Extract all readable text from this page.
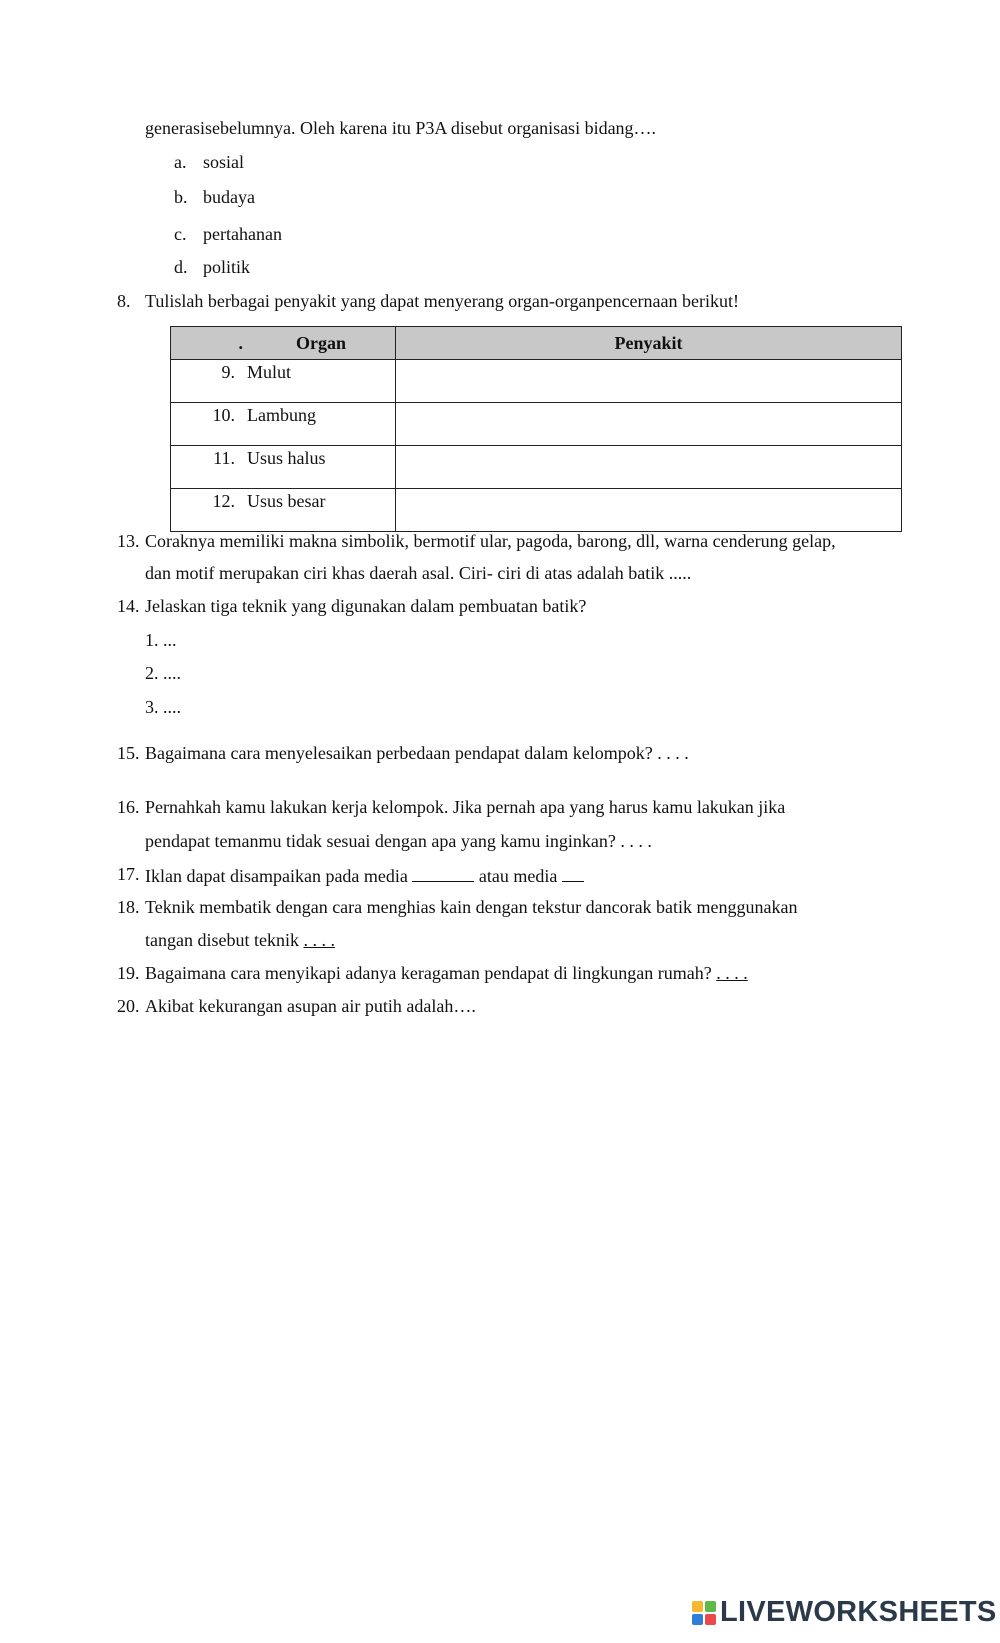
generasisebelumnya. Oleh karena itu P3A disebut organisasi bidang….
a. sosial
b. budaya
c. pertahanan
d. politik
8. Tulislah berbagai penyakit yang dapat menyerang organ-organpencernaan berikut!
.	Organ	Penyakit
9.	Mulut	
10.	Lambung	
11.	Usus halus	
12.	Usus besar	
13. Coraknya memiliki makna simbolik, bermotif ular, pagoda, barong, dll, warna cenderung gelap,
dan motif merupakan ciri khas daerah asal. Ciri- ciri di atas adalah batik .....
14. Jelaskan tiga teknik yang digunakan dalam pembuatan batik?
1. ...
2. ....
3. ....
15. Bagaimana cara menyelesaikan perbedaan pendapat dalam kelompok? . . . .
16. Pernahkah kamu lakukan kerja kelompok. Jika pernah apa yang harus kamu lakukan jika
pendapat temanmu tidak sesuai dengan apa yang kamu inginkan? . . . .
17. Iklan dapat disampaikan pada media	atau media
18. Teknik membatik dengan cara menghias kain dengan tekstur dancorak batik menggunakan
tangan disebut teknik . . . .
19. Bagaimana cara menyikapi adanya keragaman pendapat di lingkungan rumah? . . . .
20. Akibat kekurangan asupan air putih adalah….
LIVEWORKSHEETS
